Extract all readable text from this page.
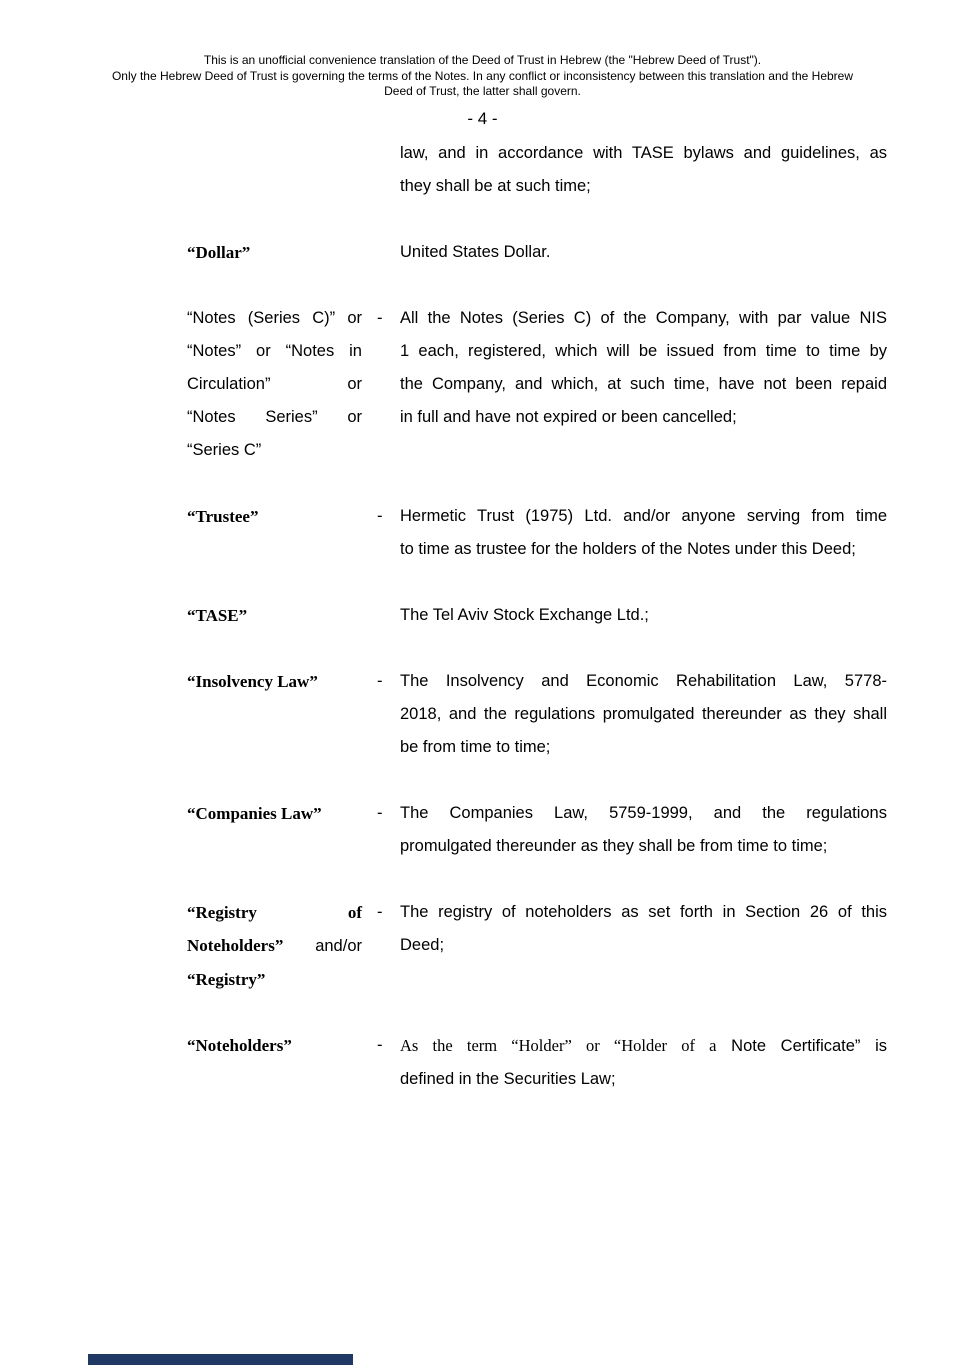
This is an unofficial convenience translation of the Deed of Trust in Hebrew (the "Hebrew Deed of Trust").
Only the Hebrew Deed of Trust is governing the terms of the Notes. In any conflict or inconsistency between this translation and the Hebrew
Deed of Trust, the latter shall govern.
- 4 -
law, and in accordance with TASE bylaws and guidelines, as
they shall be at such time;
“Dollar”	United States Dollar.
“Notes (Series C)” or
“Notes” or “Notes in
Circulation” or
“Notes Series” or
“Series C”
-	All the Notes (Series C) of the Company, with par value NIS
1 each, registered, which will be issued from time to time by
the Company, and which, at such time, have not been repaid
in full and have not expired or been cancelled;
“Trustee”	-	Hermetic Trust (1975) Ltd. and/or anyone serving from time
to time as trustee for the holders of the Notes under this Deed;
“TASE”	The Tel Aviv Stock Exchange Ltd.;
“Insolvency Law”	-	The Insolvency and Economic Rehabilitation Law, 5778-
2018, and the regulations promulgated thereunder as they shall
be from time to time;
“Companies Law”	-	The Companies Law, 5759-1999, and the regulations
promulgated thereunder as they shall be from time to time;
“Registry of
Noteholders” and/or
“Registry”
-	The registry of noteholders as set forth in Section 26 of this
Deed;
“Noteholders”	-	As the term “Holder” or “Holder of a Note Certificate” is
defined in the Securities Law;
